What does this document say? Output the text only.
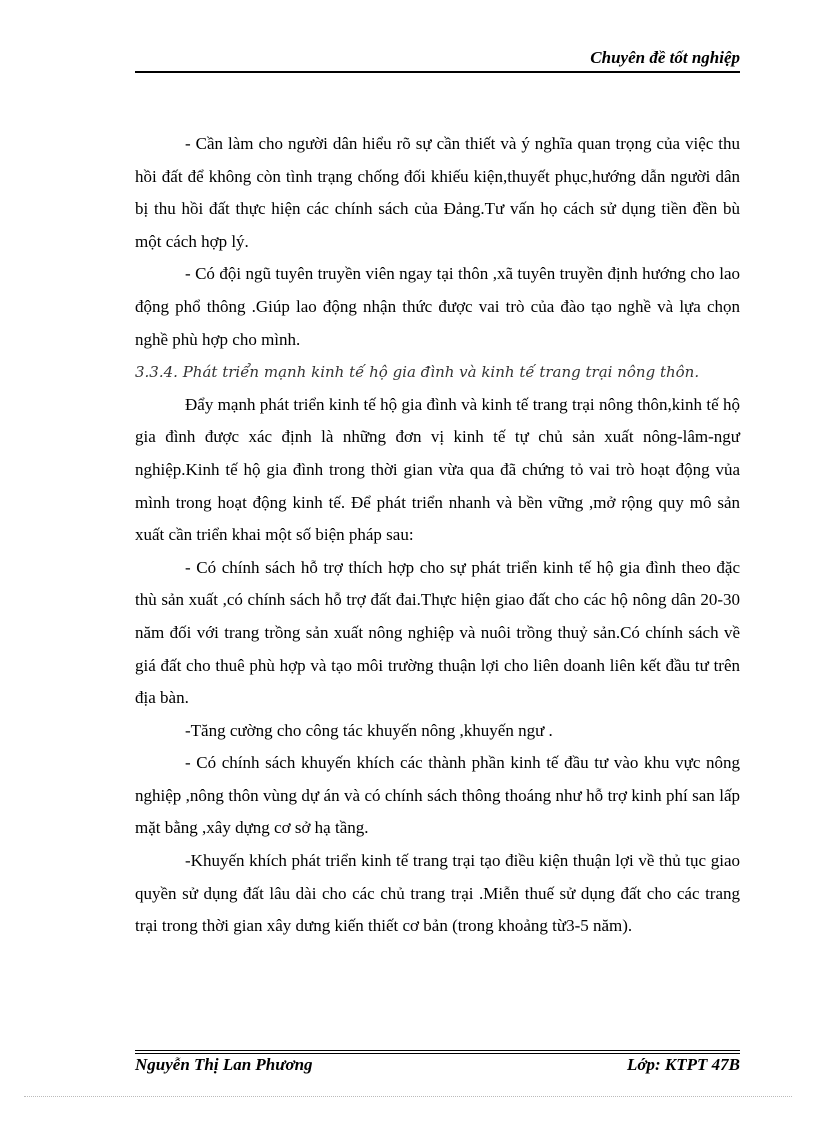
Chuyên đề tốt nghiệp

- Cần làm cho người dân hiểu rõ sự cần thiết và ý nghĩa quan trọng của việc thu hồi đất để không còn tình trạng chống đối khiếu kiện,thuyết phục,hướng dẫn người dân bị thu hồi đất thực hiện các chính sách của Đảng.Tư vấn họ cách sử dụng tiền đền bù một cách hợp lý.

- Có đội ngũ tuyên truyền viên ngay tại thôn ,xã tuyên truyền định hướng cho lao động phổ thông .Giúp lao động nhận thức được vai trò của đào tạo nghề và lựa chọn nghề phù hợp cho mình.

3.3.4. Phát triển mạnh kinh tế hộ gia đình và kinh tế trang trại nông thôn.

Đẩy mạnh phát triển kinh tế hộ gia đình và kinh tế trang trại nông thôn,kinh tế hộ gia đình được xác định là những đơn vị kinh tế tự chủ sản xuất nông-lâm-ngư nghiệp.Kinh tế hộ gia đình trong thời gian vừa qua đã chứng tỏ vai trò hoạt động vủa mình trong hoạt động kinh tế. Để phát triển nhanh và bền vững ,mở rộng quy mô sản xuất cần triển khai một số biện pháp sau:

- Có chính sách hỗ trợ thích hợp cho sự phát triển kinh tế hộ gia đình theo đặc thù sản xuất ,có chính sách hỗ trợ đất đai.Thực hiện giao đất cho các hộ nông dân 20-30 năm đối với trang trồng sản xuất nông nghiệp và nuôi trồng thuỷ sản.Có chính sách về giá đất cho thuê phù hợp và tạo môi trường thuận lợi cho liên doanh liên kết đầu tư trên địa bàn.

-Tăng cường cho công tác khuyến nông ,khuyến ngư .

- Có chính sách khuyến khích các thành phần kinh tế đầu tư vào khu vực nông nghiệp ,nông thôn vùng dự án và có chính sách thông thoáng như hỗ trợ kinh phí san lấp mặt bằng ,xây dựng cơ sở hạ tầng.

-Khuyến khích phát triển kinh tế trang trại tạo điều kiện thuận lợi về thủ tục giao quyền sử dụng đất lâu dài cho các chủ trang trại .Miễn thuế sử dụng đất cho các trang trại trong thời gian xây dưng kiến thiết cơ bản (trong khoảng từ3-5 năm).

Nguyễn Thị Lan Phương	Lớp: KTPT 47B
